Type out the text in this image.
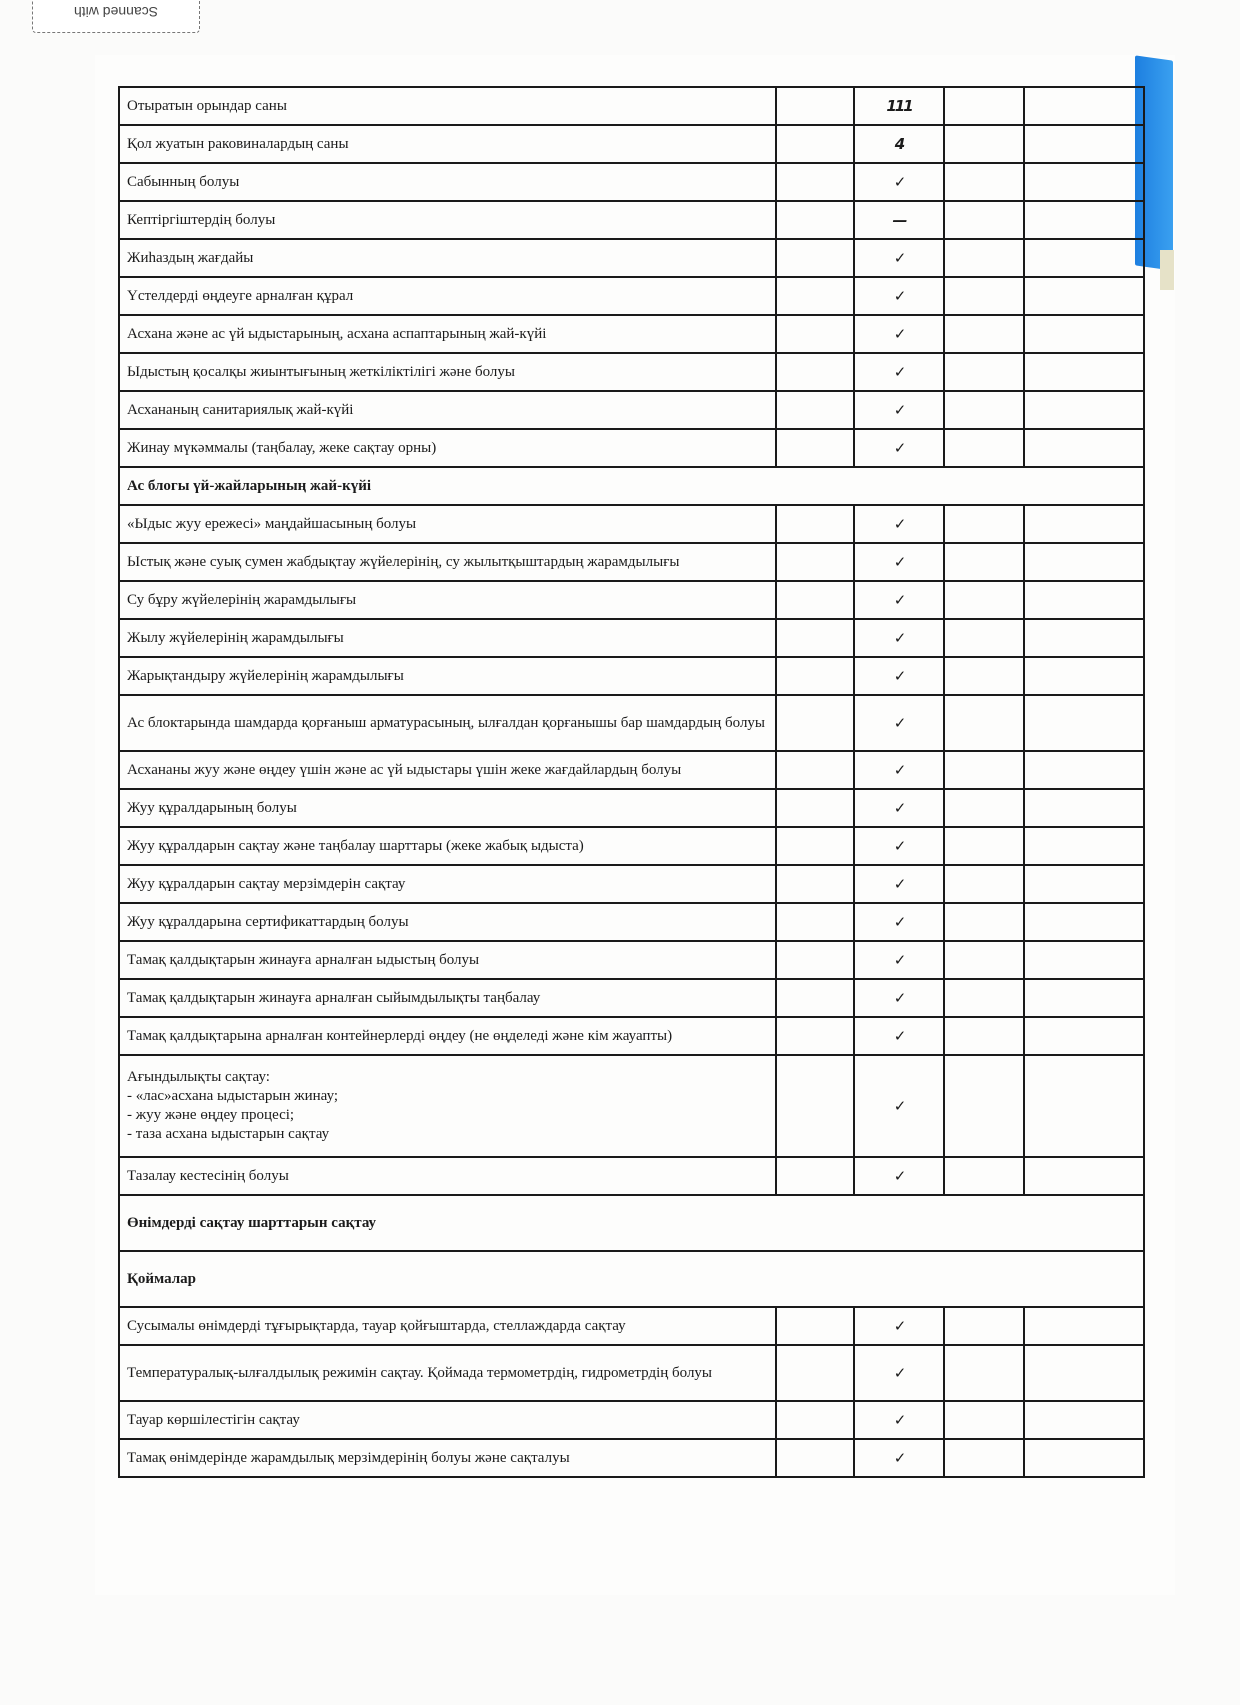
Scanned with
Отыратын орындар саны		111		
Қол жуатын раковиналардың саны		4		
Сабынның болуы		✓		
Кептіргіштердің болуы		—		
Жиһаздың жағдайы		✓		
Үстелдерді өңдеуге арналған құрал		✓		
Асхана және ас үй ыдыстарының, асхана аспаптарының жай-күйі		✓		
Ыдыстың қосалқы жиынтығының жеткіліктілігі және болуы		✓		
Асхананың санитариялық жай-күйі		✓		
Жинау мүкәммалы (таңбалау, жеке сақтау орны)		✓		
Ас блогы үй-жайларының жай-күйі				
«Ыдыс жуу ережесі» маңдайшасының болуы		✓		
Ыстық және суық сумен жабдықтау жүйелерінің, су жылытқыштардың жарамдылығы		✓		
Су бұру жүйелерінің жарамдылығы		✓		
Жылу жүйелерінің жарамдылығы		✓		
Жарықтандыру жүйелерінің жарамдылығы		✓		
Ас блоктарында шамдарда қорғаныш арматурасының, ылғалдан қорғанышы бар шамдардың болуы		✓		
Асхананы жуу және өңдеу үшін және ас үй ыдыстары үшін жеке жағдайлардың болуы		✓		
Жуу құралдарының болуы		✓		
Жуу құралдарын сақтау және таңбалау шарттары (жеке жабық ыдыста)		✓		
Жуу құралдарын сақтау мерзімдерін сақтау		✓		
Жуу құралдарына сертификаттардың болуы		✓		
Тамақ қалдықтарын жинауға арналған ыдыстың болуы		✓		
Тамақ қалдықтарын жинауға арналған сыйымдылықты таңбалау		✓		
Тамақ қалдықтарына арналған контейнерлерді өңдеу (не өңделеді және кім жауапты)		✓		
Ағындылықты сақтау:
- «лас»асхана ыдыстарын жинау;
- жуу және өңдеу процесі;
- таза асхана ыдыстарын сақтау		✓		
Тазалау кестесінің болуы		✓		
Өнімдерді сақтау шарттарын сақтау				
Қоймалар				
Сусымалы өнімдерді тұғырықтарда, тауар қойғыштарда, стеллаждарда сақтау		✓		
Температуралық-ылғалдылық режимін сақтау. Қоймада термометрдің, гидрометрдің болуы		✓		
Тауар көршілестігін сақтау		✓		
Тамақ өнімдерінде жарамдылық мерзімдерінің болуы және сақталуы		✓		
